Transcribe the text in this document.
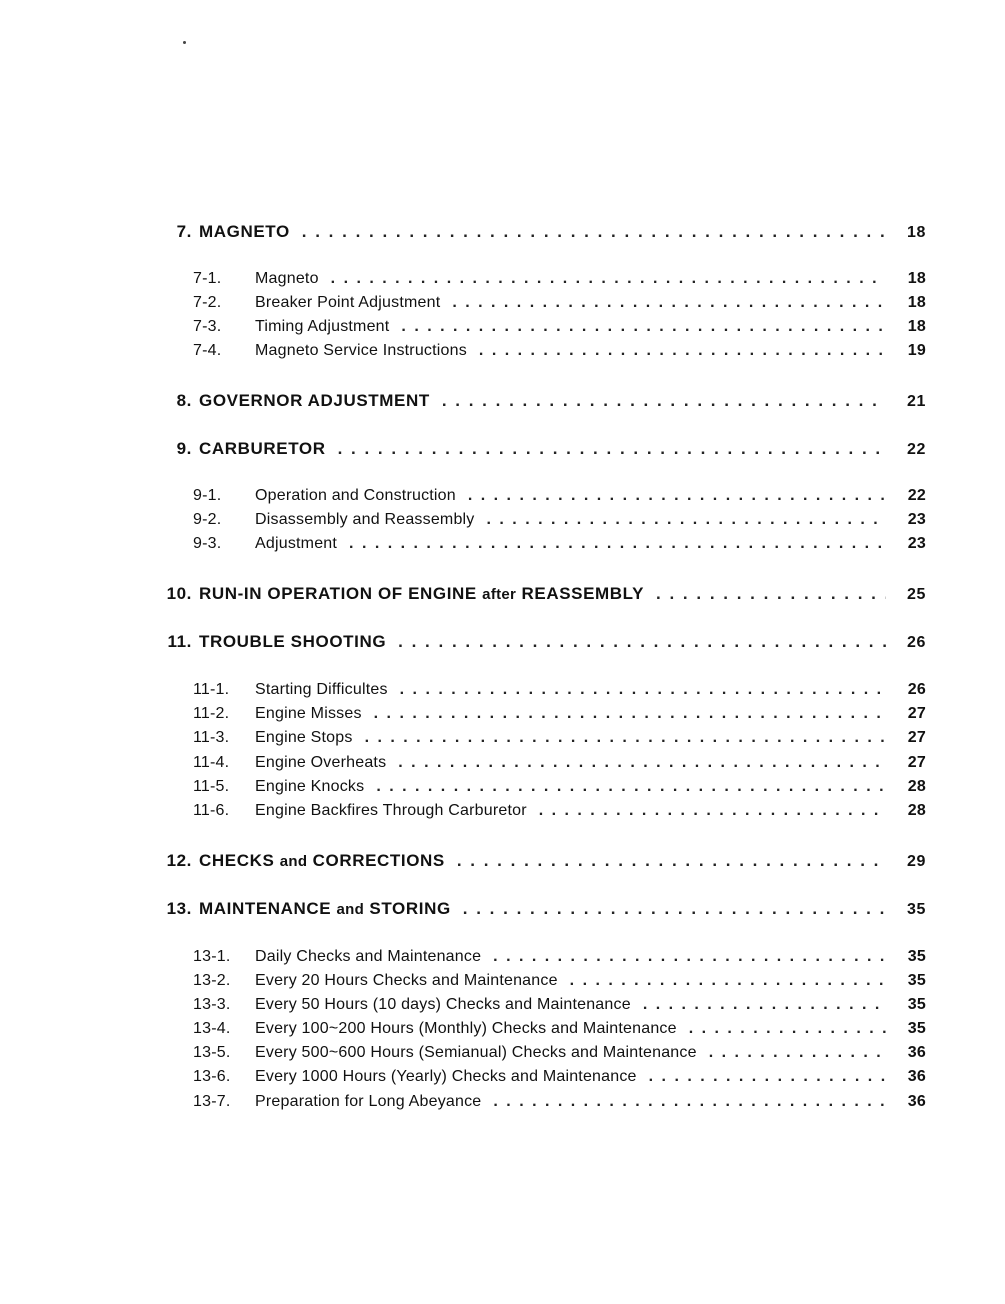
7. MAGNETO . . .	18
7-1.	Magneto . . .	18
7-2.	Breaker Point Adjustment . . .	18
7-3.	Timing Adjustment . . .	18
7-4.	Magneto Service Instructions . . .	19
8. GOVERNOR ADJUSTMENT . . .	21
9. CARBURETOR . . .	22
9-1.	Operation and Construction . . .	22
9-2.	Disassembly and Reassembly . . .	23
9-3.	Adjustment . . .	23
10. RUN-IN OPERATION OF ENGINE after REASSEMBLY . . .	25
11. TROUBLE SHOOTING . . .	26
11-1.	Starting Difficultes . . .	26
11-2.	Engine Misses . . .	27
11-3.	Engine Stops . . .	27
11-4.	Engine Overheats . . .	27
11-5.	Engine Knocks . . .	28
11-6.	Engine Backfires Through Carburetor . . .	28
12. CHECKS and CORRECTIONS . . .	29
13. MAINTENANCE and STORING . . .	35
13-1.	Daily Checks and Maintenance . . .	35
13-2.	Every 20 Hours Checks and Maintenance . . .	35
13-3.	Every 50 Hours (10 days) Checks and Maintenance . . .	35
13-4.	Every 100~200 Hours (Monthly) Checks and Maintenance . . .	35
13-5.	Every 500~600 Hours (Semianual) Checks and Maintenance . . .	36
13-6.	Every 1000 Hours (Yearly) Checks and Maintenance . . .	36
13-7.	Preparation for Long Abeyance . . .	36
